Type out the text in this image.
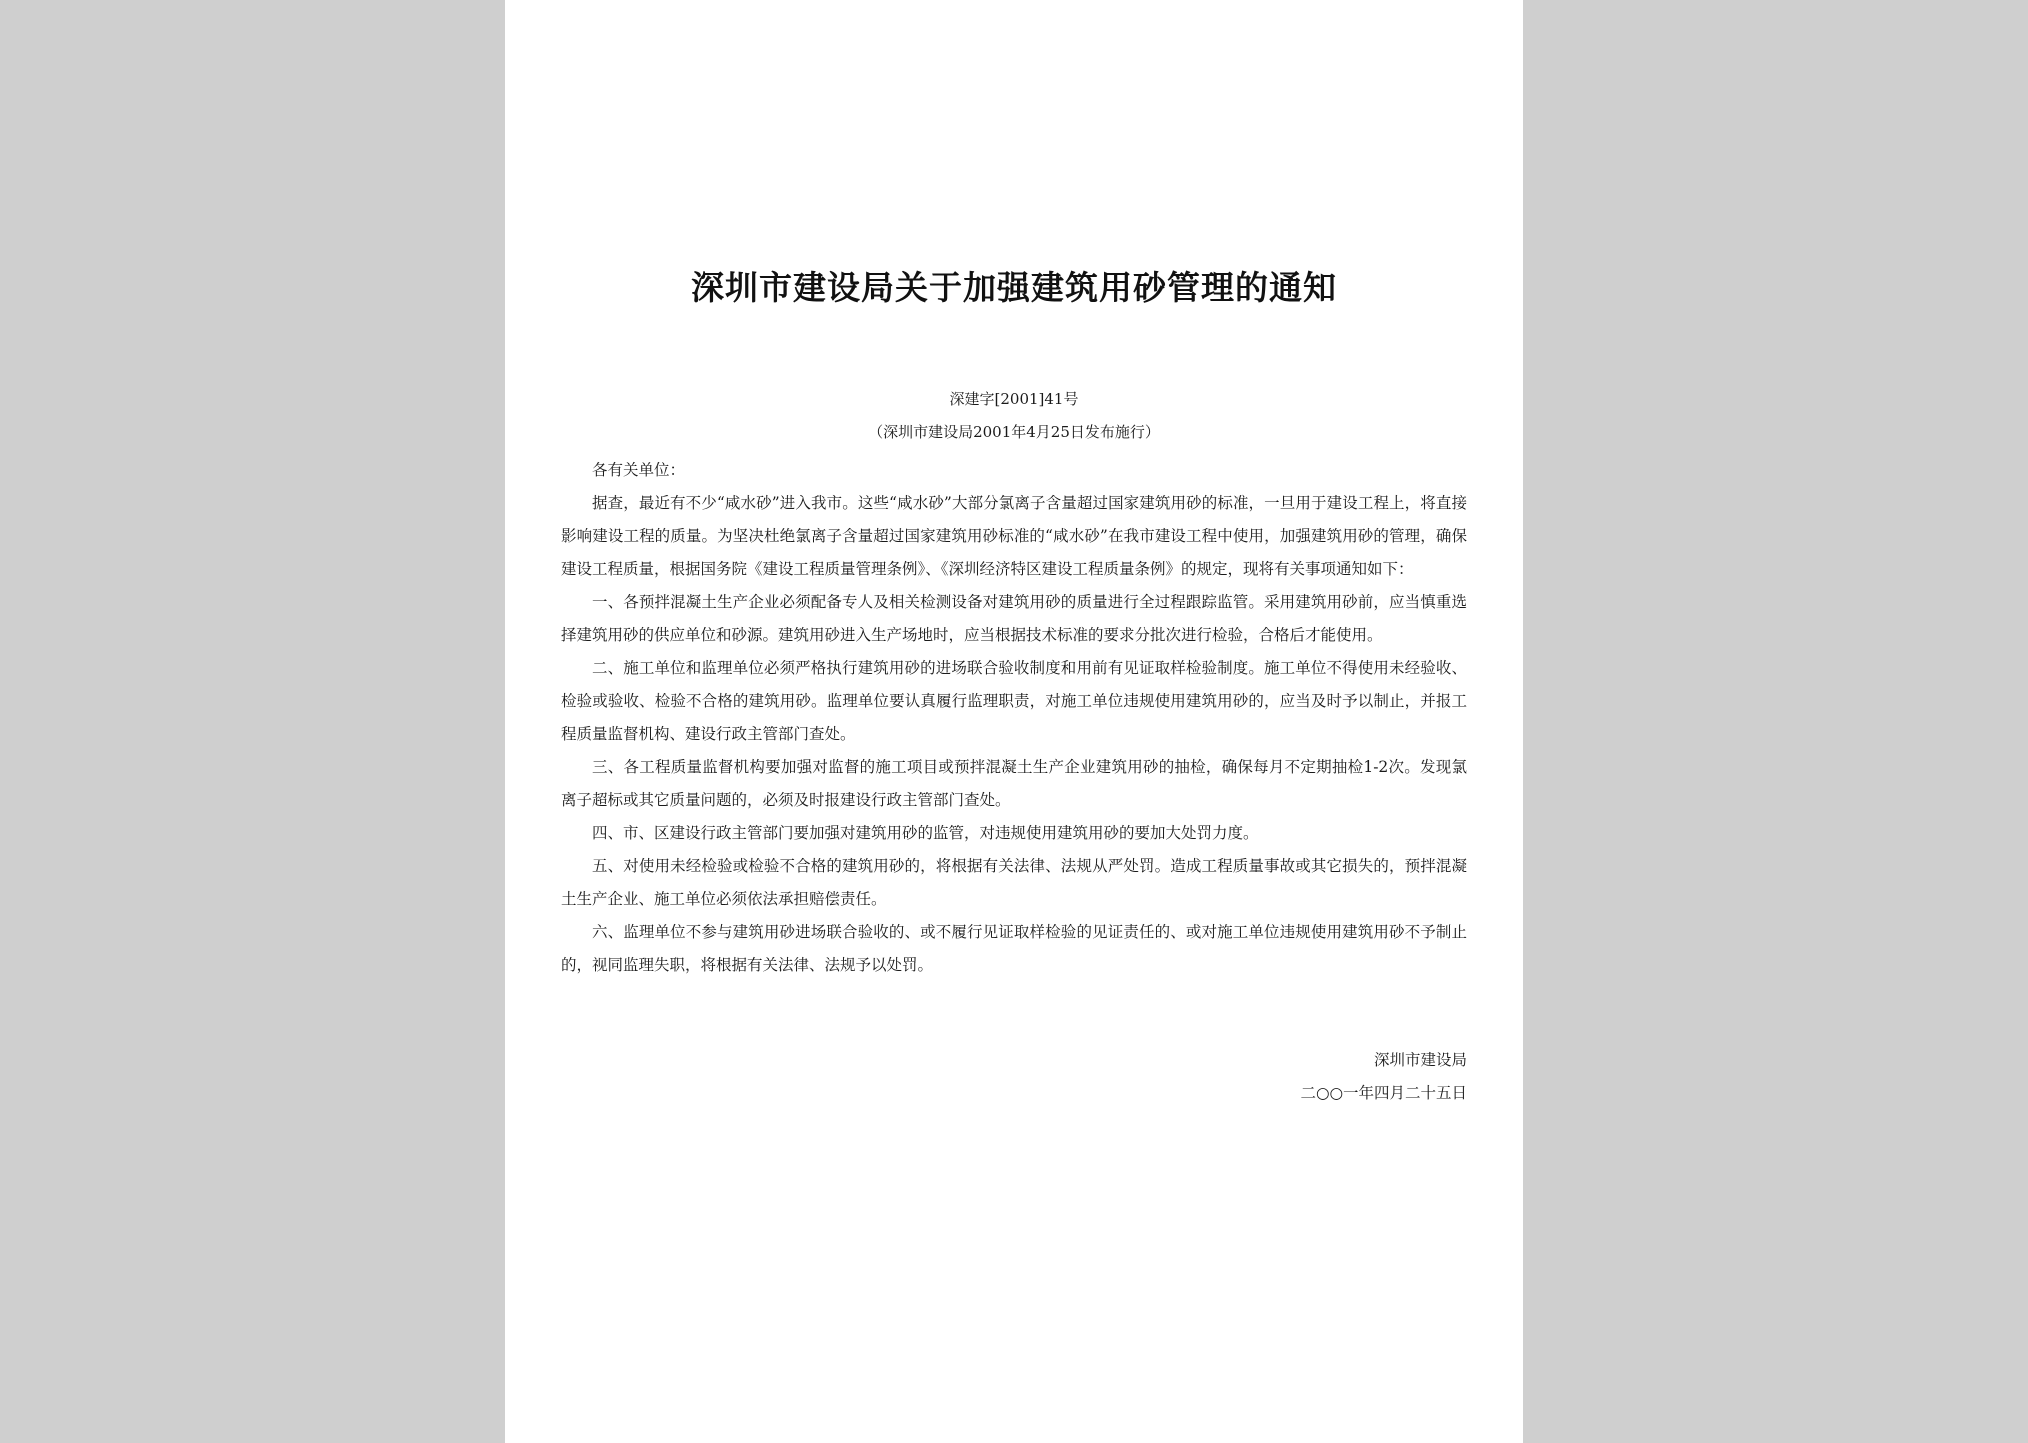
深圳市建设局关于加强建筑用砂管理的通知
深建字[2001]41号
（深圳市建设局2001年4月25日发布施行）

各有关单位：

据查，最近有不少“咸水砂”进入我市。这些“咸水砂”大部分氯离子含量超过国家建筑用砂的标准，一旦用于建设工程上，将直接影响建设工程的质量。为坚决杜绝氯离子含量超过国家建筑用砂标准的“咸水砂”在我市建设工程中使用，加强建筑用砂的管理，确保建设工程质量，根据国务院《建设工程质量管理条例》、《深圳经济特区建设工程质量条例》的规定，现将有关事项通知如下：

一、各预拌混凝土生产企业必须配备专人及相关检测设备对建筑用砂的质量进行全过程跟踪监管。采用建筑用砂前，应当慎重选择建筑用砂的供应单位和砂源。建筑用砂进入生产场地时，应当根据技术标准的要求分批次进行检验，合格后才能使用。

二、施工单位和监理单位必须严格执行建筑用砂的进场联合验收制度和用前有见证取样检验制度。施工单位不得使用未经验收、检验或验收、检验不合格的建筑用砂。监理单位要认真履行监理职责，对施工单位违规使用建筑用砂的，应当及时予以制止，并报工程质量监督机构、建设行政主管部门查处。

三、各工程质量监督机构要加强对监督的施工项目或预拌混凝土生产企业建筑用砂的抽检，确保每月不定期抽检1-2次。发现氯离子超标或其它质量问题的，必须及时报建设行政主管部门查处。

四、市、区建设行政主管部门要加强对建筑用砂的监管，对违规使用建筑用砂的要加大处罚力度。

五、对使用未经检验或检验不合格的建筑用砂的，将根据有关法律、法规从严处罚。造成工程质量事故或其它损失的，预拌混凝土生产企业、施工单位必须依法承担赔偿责任。

六、监理单位不参与建筑用砂进场联合验收的、或不履行见证取样检验的见证责任的、或对施工单位违规使用建筑用砂不予制止的，视同监理失职，将根据有关法律、法规予以处罚。

深圳市建设局
二○○一年四月二十五日
